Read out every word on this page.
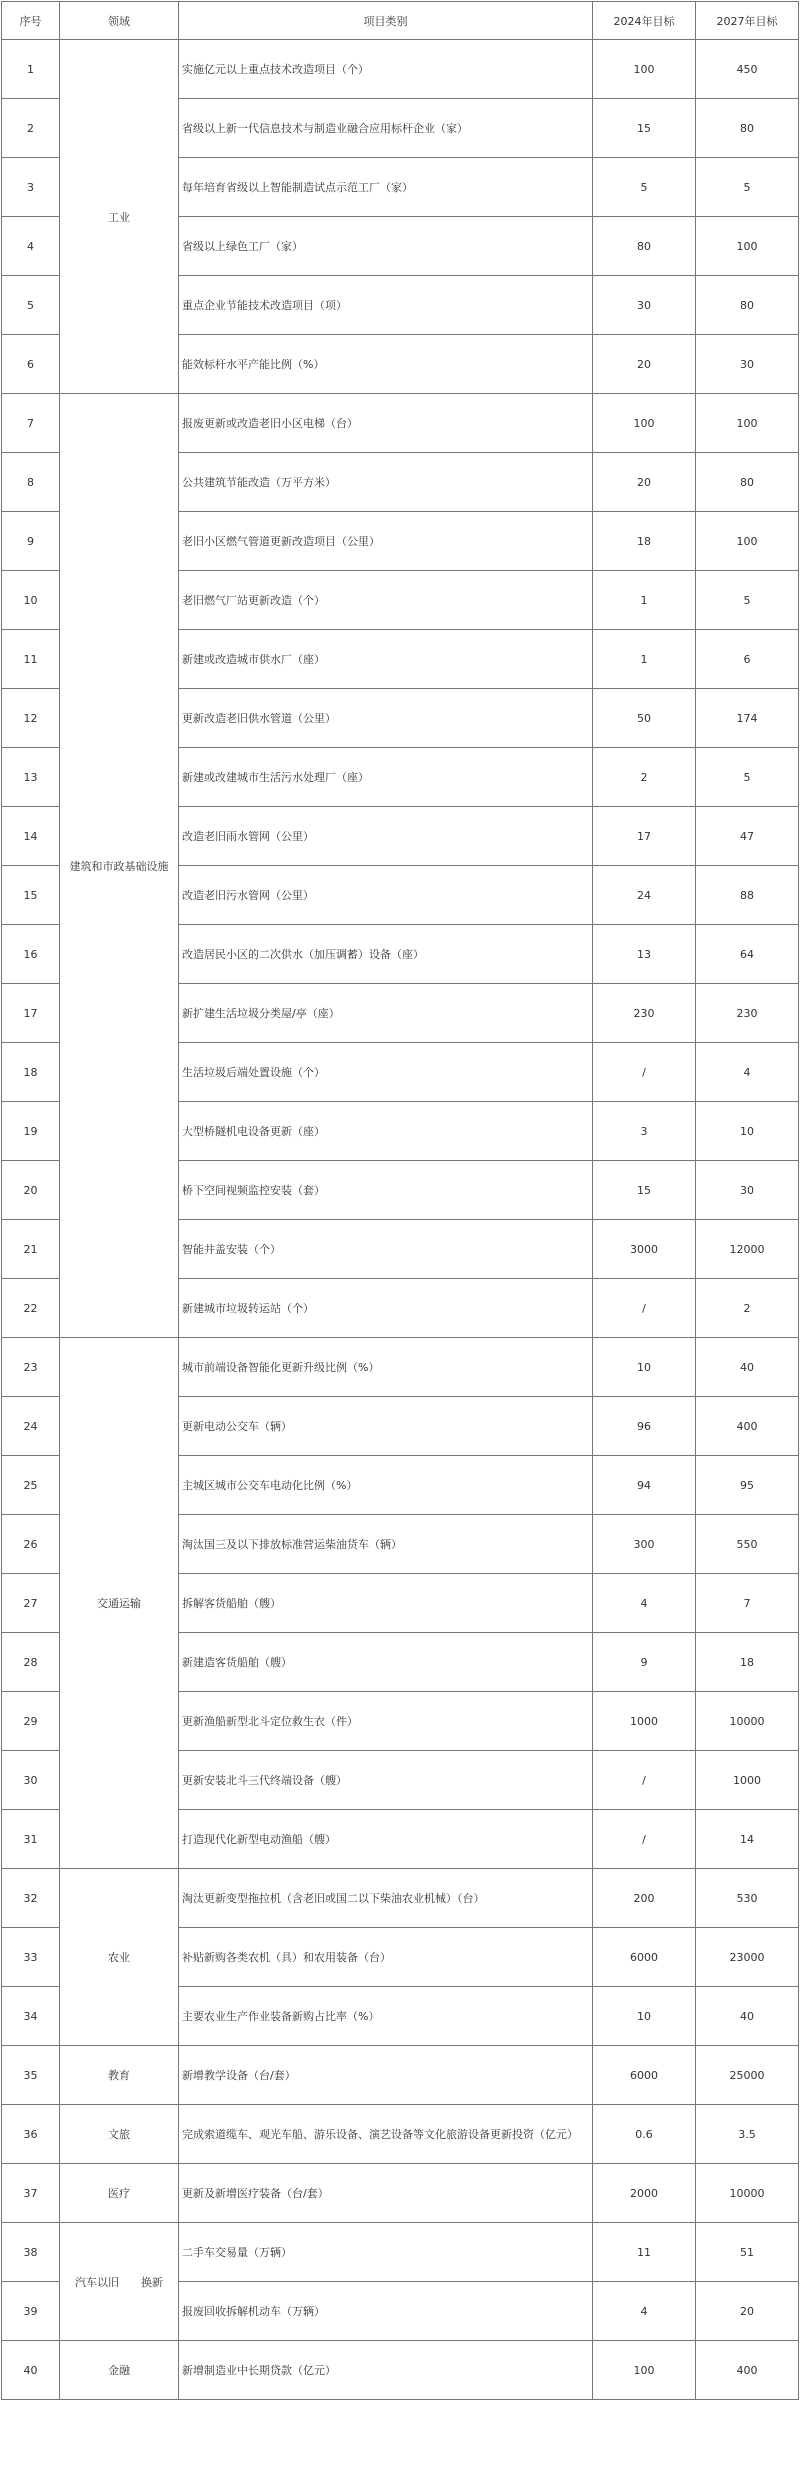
序号	领域	项目类别	2024年目标	2027年目标
1	工业	实施亿元以上重点技术改造项目（个）	100	450
2		省级以上新一代信息技术与制造业融合应用标杆企业（家）	15	80
3		每年培育省级以上智能制造试点示范工厂（家）	5	5
4		省级以上绿色工厂（家）	80	100
5		重点企业节能技术改造项目（项）	30	80
6		能效标杆水平产能比例（%）	20	30
7	建筑和市政基础设施	报废更新或改造老旧小区电梯（台）	100	100
8		公共建筑节能改造（万平方米）	20	80
9		老旧小区燃气管道更新改造项目（公里）	18	100
10		老旧燃气厂站更新改造（个）	1	5
11		新建或改造城市供水厂（座）	1	6
12		更新改造老旧供水管道（公里）	50	174
13		新建或改建城市生活污水处理厂（座）	2	5
14		改造老旧雨水管网（公里）	17	47
15		改造老旧污水管网（公里）	24	88
16		改造居民小区的二次供水（加压调蓄）设备（座）	13	64
17		新扩建生活垃圾分类屋/亭（座）	230	230
18		生活垃圾后端处置设施（个）	/	4
19		大型桥隧机电设备更新（座）	3	10
20		桥下空间视频监控安装（套）	15	30
21		智能井盖安装（个）	3000	12000
22		新建城市垃圾转运站（个）	/	2
23	交通运输	城市前端设备智能化更新升级比例（%）	10	40
24		更新电动公交车（辆）	96	400
25		主城区城市公交车电动化比例（%）	94	95
26		淘汰国三及以下排放标准营运柴油货车（辆）	300	550
27		拆解客货船舶（艘）	4	7
28		新建造客货船舶（艘）	9	18
29		更新渔船新型北斗定位救生衣（件）	1000	10000
30		更新安装北斗三代终端设备（艘）	/	1000
31		打造现代化新型电动渔船（艘）	/	14
32	农业	淘汰更新变型拖拉机（含老旧或国二以下柴油农业机械）（台）	200	530
33		补贴新购各类农机（具）和农用装备（台）	6000	23000
34		主要农业生产作业装备新购占比率（%）	10	40
35	教育	新增教学设备（台/套）	6000	25000
36	文旅	完成索道缆车、观光车船、游乐设备、演艺设备等文化旅游设备更新投资（亿元）	0.6	3.5
37	医疗	更新及新增医疗装备（台/套）	2000	10000
38	汽车以旧　　换新	二手车交易量（万辆）	11	51
39		报废回收拆解机动车（万辆）	4	20
40	金融	新增制造业中长期贷款（亿元）	100	400
